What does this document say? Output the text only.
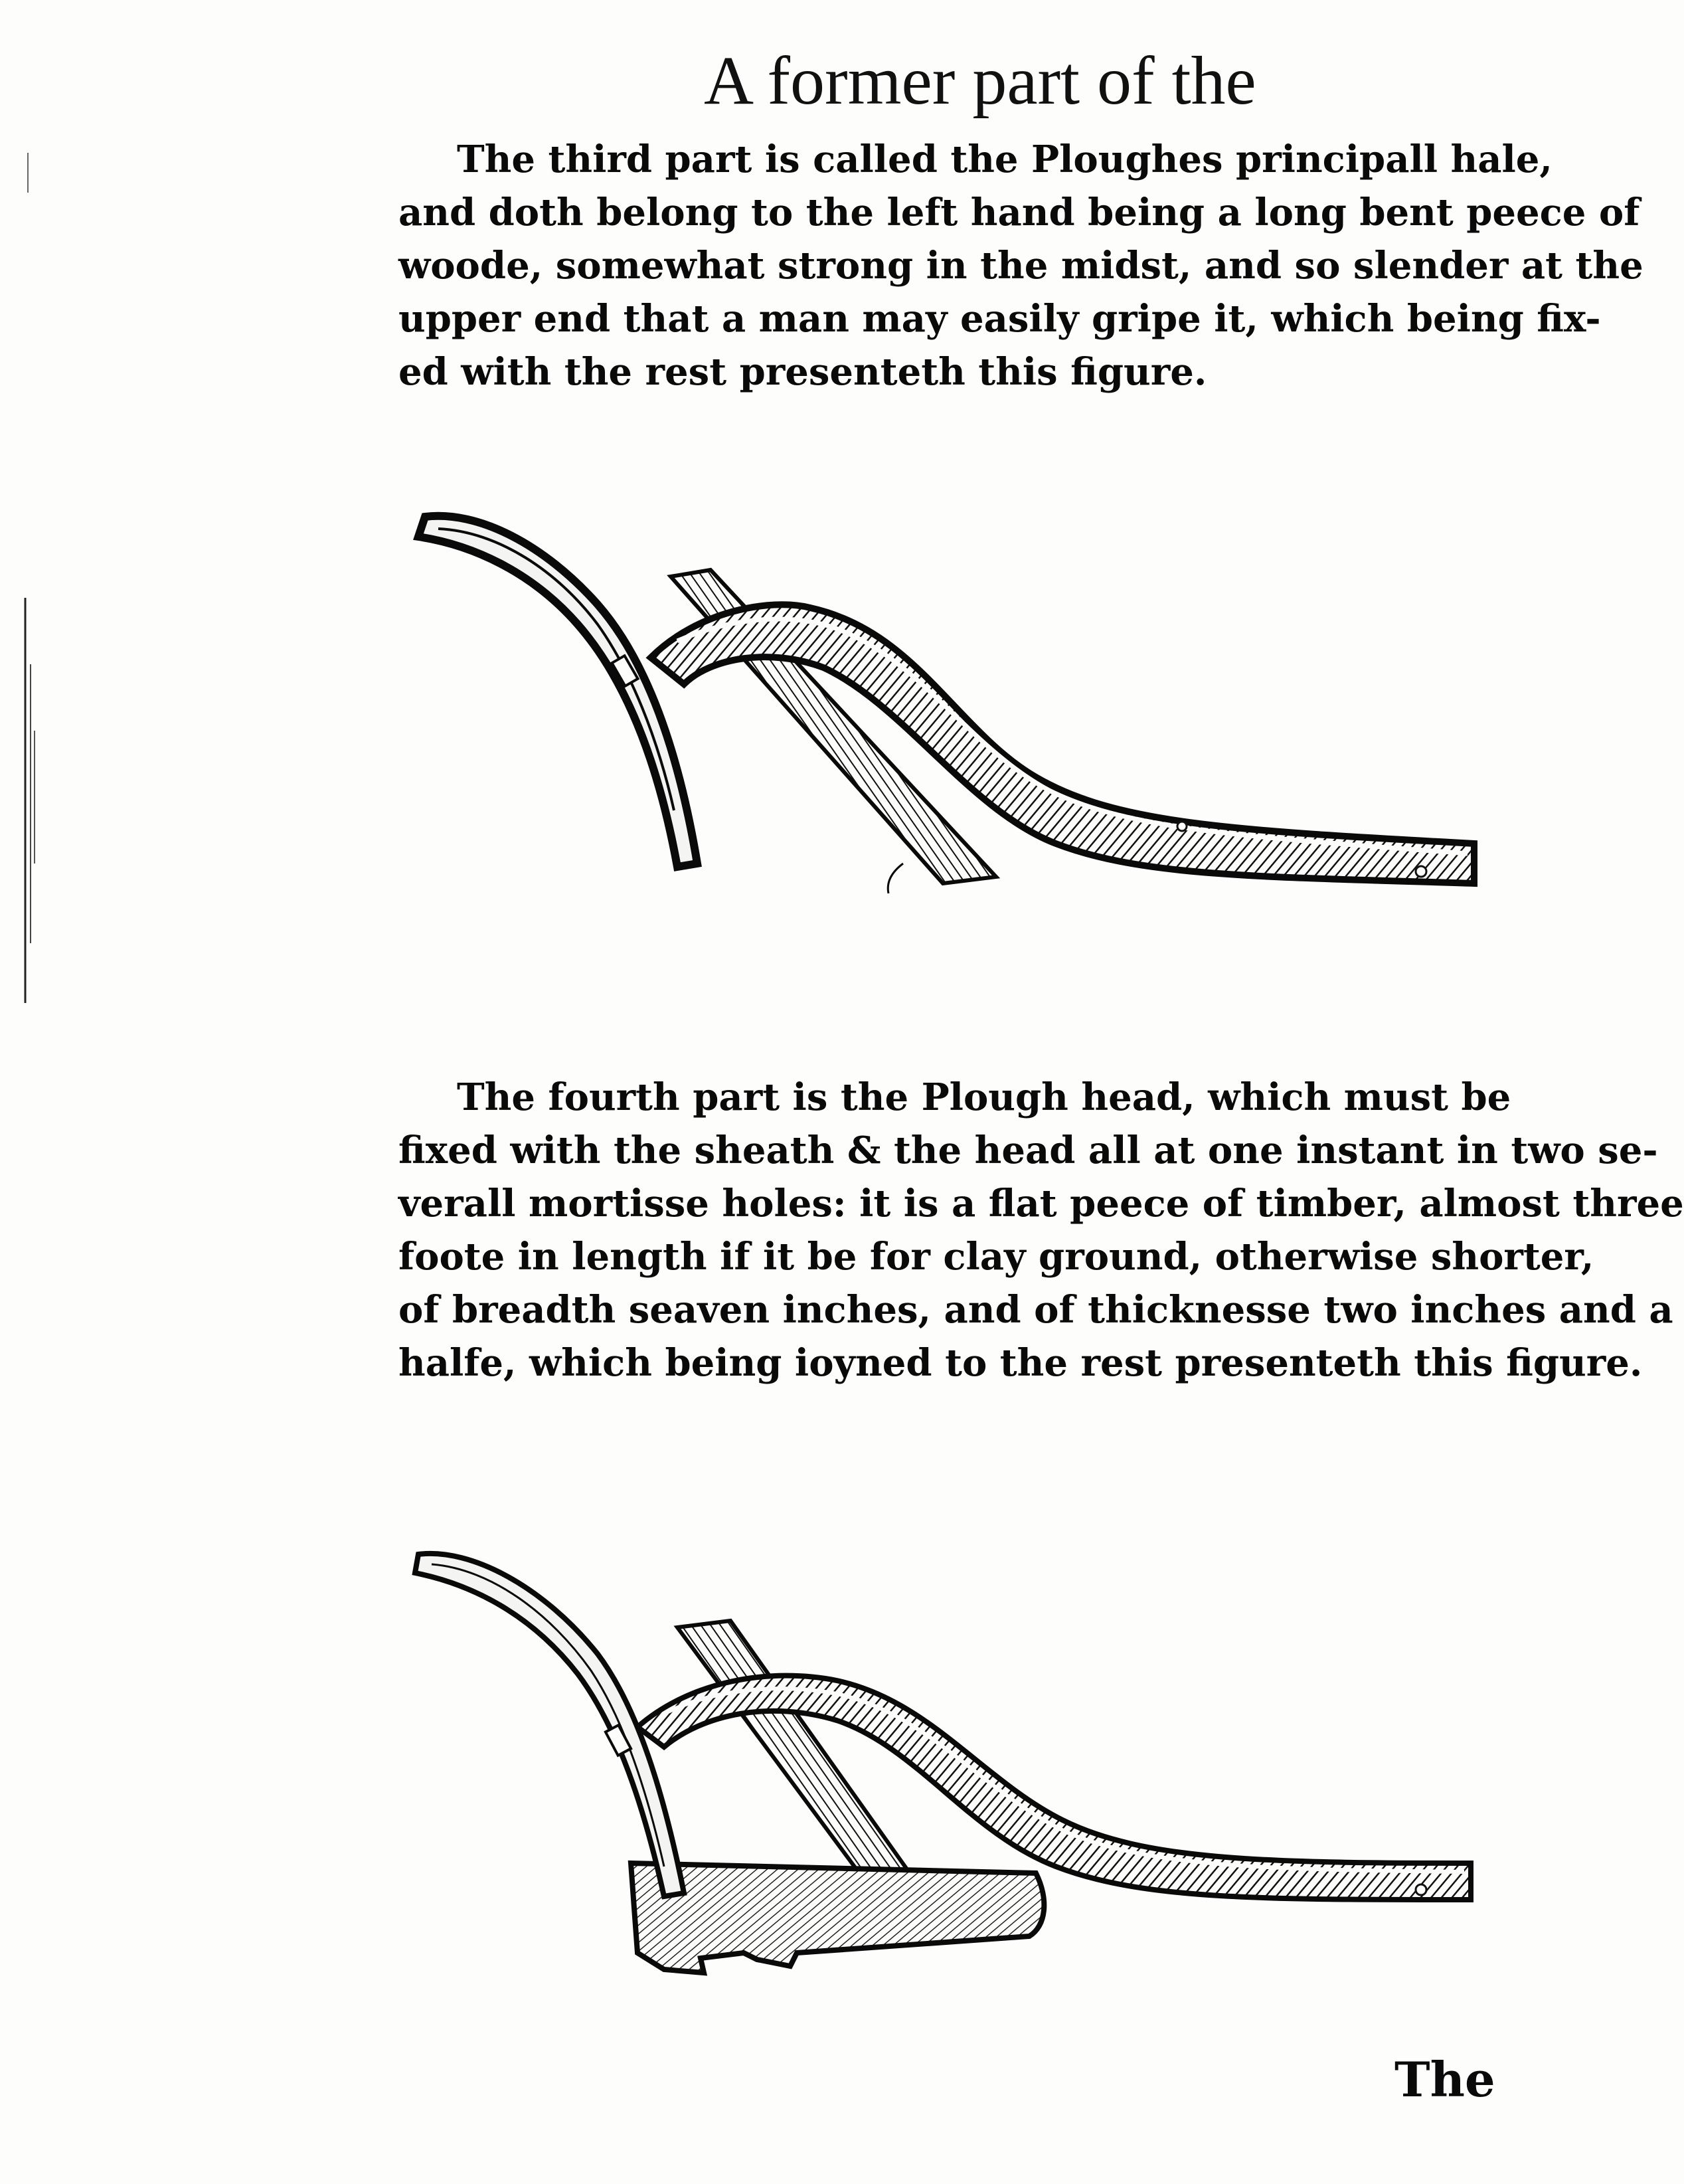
A former part of the
The third part is called the Ploughes principall hale,
and doth belong to the left hand being a long bent peece of
woode, somewhat strong in the midst, and so slender at the
upper end that a man may easily gripe it, which being fix-
ed with the rest presenteth this figure.
The fourth part is the Plough head, which must be
fixed with the sheath & the head all at one instant in two se-
verall mortisse holes: it is a flat peece of timber, almost three
foote in length if it be for clay ground, otherwise shorter,
of breadth seaven inches, and of thicknesse two inches and a
halfe, which being ioyned to the rest presenteth this figure.
The
